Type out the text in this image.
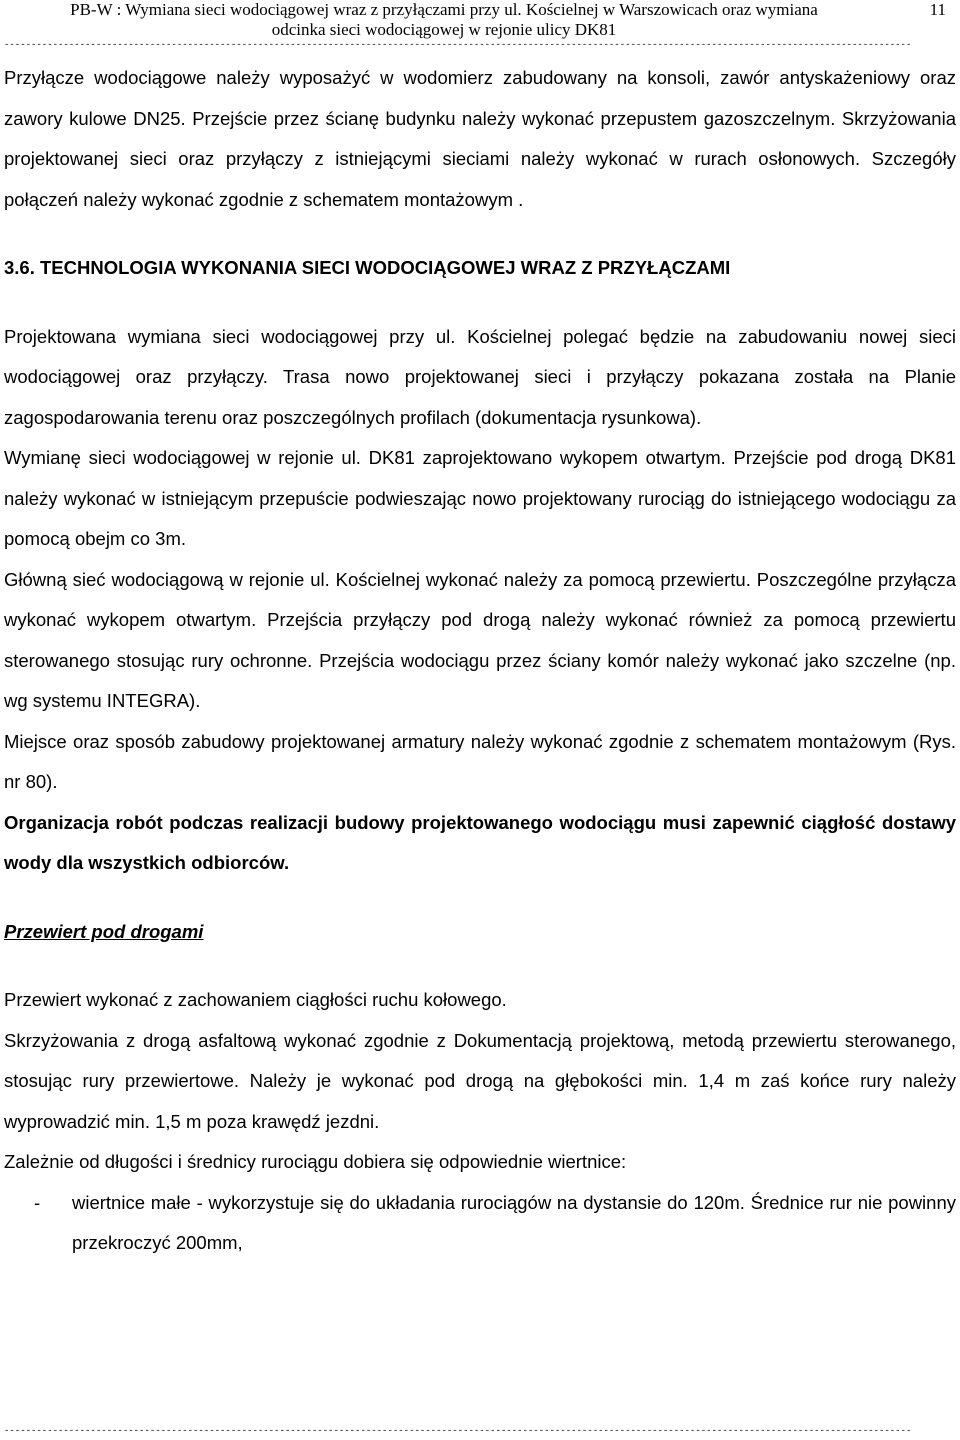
PB-W : Wymiana sieci wodociągowej wraz z przyłączami przy ul. Kościelnej w Warszowicach oraz wymiana
odcinka sieci wodociągowej w rejonie ulicy DK81
11
------------------------------------------------------------------------------------------------------------------------------------------------------------------------

Przyłącze wodociągowe należy wyposażyć w wodomierz zabudowany na konsoli, zawór antyskażeniowy oraz zawory kulowe DN25. Przejście przez ścianę budynku należy wykonać przepustem gazoszczelnym. Skrzyżowania projektowanej sieci oraz przyłączy z istniejącymi sieciami należy wykonać w rurach osłonowych. Szczegóły połączeń należy wykonać zgodnie z schematem montażowym .

3.6. TECHNOLOGIA WYKONANIA SIECI WODOCIĄGOWEJ WRAZ Z PRZYŁĄCZAMI

Projektowana wymiana sieci wodociągowej przy ul. Kościelnej polegać będzie na zabudowaniu nowej sieci wodociągowej oraz przyłączy. Trasa nowo projektowanej sieci i przyłączy pokazana została na Planie zagospodarowania terenu oraz poszczególnych profilach (dokumentacja rysunkowa).

Wymianę sieci wodociągowej w rejonie ul. DK81 zaprojektowano wykopem otwartym. Przejście pod drogą DK81 należy wykonać w istniejącym przepuście podwieszając nowo projektowany rurociąg do istniejącego wodociągu za pomocą obejm co 3m.

Główną sieć wodociągową w rejonie ul. Kościelnej wykonać należy za pomocą przewiertu. Poszczególne przyłącza wykonać wykopem otwartym. Przejścia przyłączy pod drogą należy wykonać również za pomocą przewiertu sterowanego stosując rury ochronne. Przejścia wodociągu przez ściany komór należy wykonać jako szczelne (np. wg systemu INTEGRA).

Miejsce oraz sposób zabudowy projektowanej armatury należy wykonać zgodnie z schematem montażowym (Rys. nr 80).

Organizacja robót podczas realizacji budowy projektowanego wodociągu musi zapewnić ciągłość dostawy wody dla wszystkich odbiorców.

Przewiert pod drogami

Przewiert wykonać z zachowaniem ciągłości ruchu kołowego.

Skrzyżowania z drogą asfaltową wykonać zgodnie z Dokumentacją projektową, metodą przewiertu sterowanego, stosując rury przewiertowe. Należy je wykonać pod drogą na głębokości min. 1,4 m zaś końce rury należy wyprowadzić min. 1,5 m poza krawędź jezdni.

Zależnie od długości i średnicy rurociągu dobiera się odpowiednie wiertnice:

-	wiertnice małe - wykorzystuje się do układania rurociągów na dystansie do 120m. Średnice rur nie powinny przekroczyć 200mm,
------------------------------------------------------------------------------------------------------------------------------------------------------------------------
